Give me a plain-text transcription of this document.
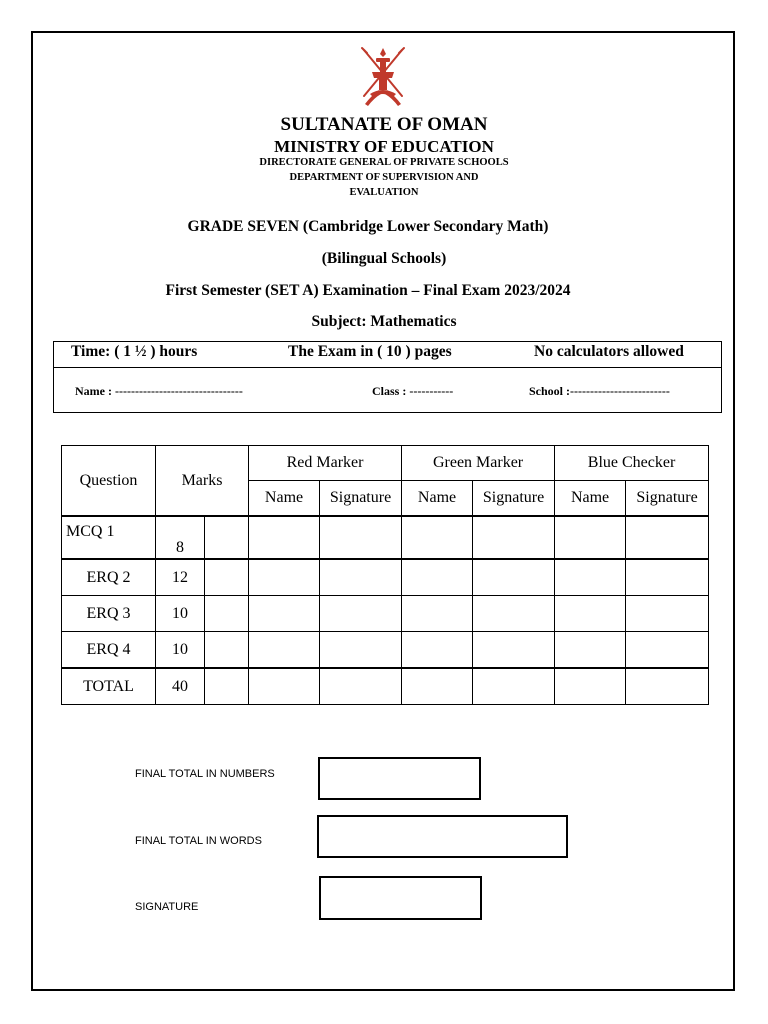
SULTANATE OF OMAN
MINISTRY OF EDUCATION
DIRECTORATE GENERAL OF PRIVATE SCHOOLS
DEPARTMENT OF SUPERVISION AND
EVALUATION
GRADE SEVEN (Cambridge Lower Secondary Math)
(Bilingual Schools)
First Semester (SET A) Examination – Final Exam 2023/2024
Subject: Mathematics
Time: ( 1 ½ ) hours	The Exam in ( 10 ) pages	No calculators allowed
Name : --------------------------------	Class : -----------	School :-------------------------
Question	Marks		Red Marker		Green Marker		Blue Checker	
			Name	Signature	Name	Signature	Name	Signature
MCQ 1	8							
ERQ 2	12							
ERQ 3	10							
ERQ 4	10							
TOTAL	40							
FINAL TOTAL IN NUMBERS
FINAL TOTAL IN WORDS
SIGNATURE
